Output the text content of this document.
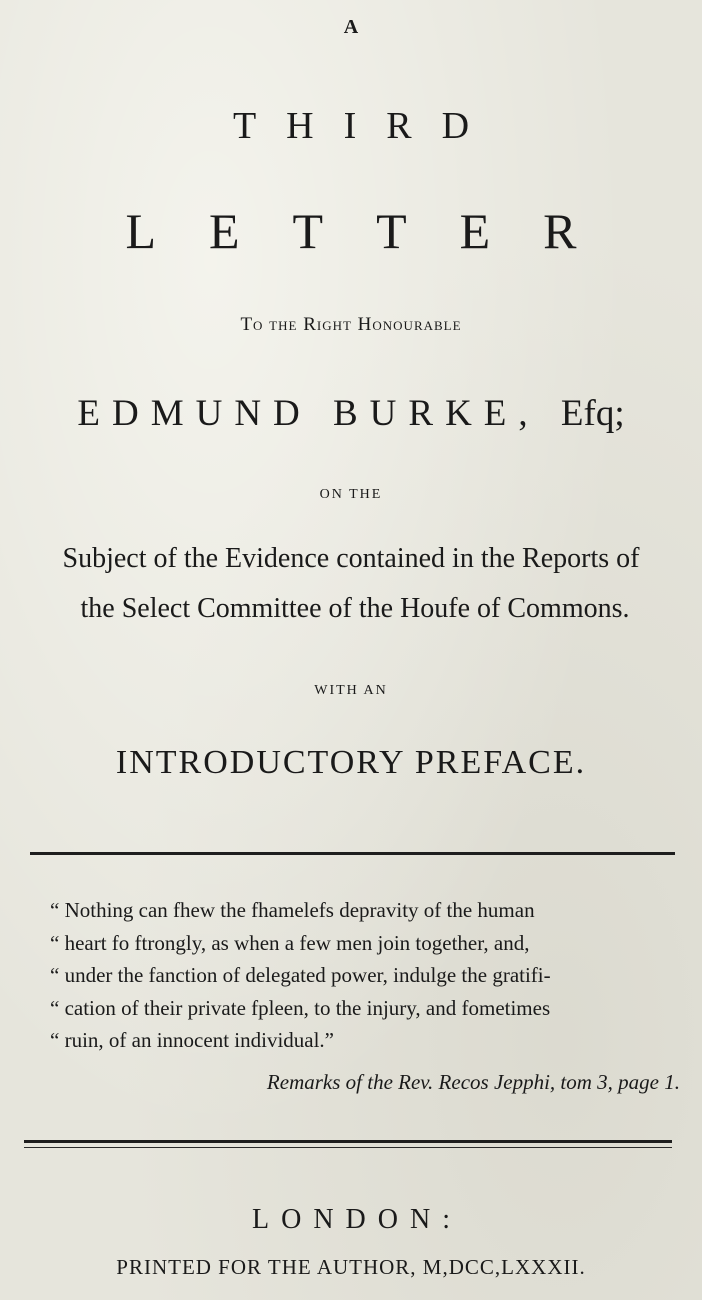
A
THIRD
LETTER
To the Right Honourable
EDMUND BURKE, Efq;
ON THE
Subject of the Evidence contained in the Reports of
the Select Committee of the Houfe of Commons.
WITH AN
INTRODUCTORY PREFACE.
“ Nothing can fhew the fhamelefs depravity of the human
“ heart fo ftrongly, as when a few men join together, and,
“ under the fanction of delegated power, indulge the gratifi-
“ cation of their private fpleen, to the injury, and fometimes
“ ruin, of an innocent individual.”
Remarks of the Rev. Recos Jepphi, tom 3, page 1.
LONDON:
PRINTED FOR THE AUTHOR, M,DCC,LXXXII.
